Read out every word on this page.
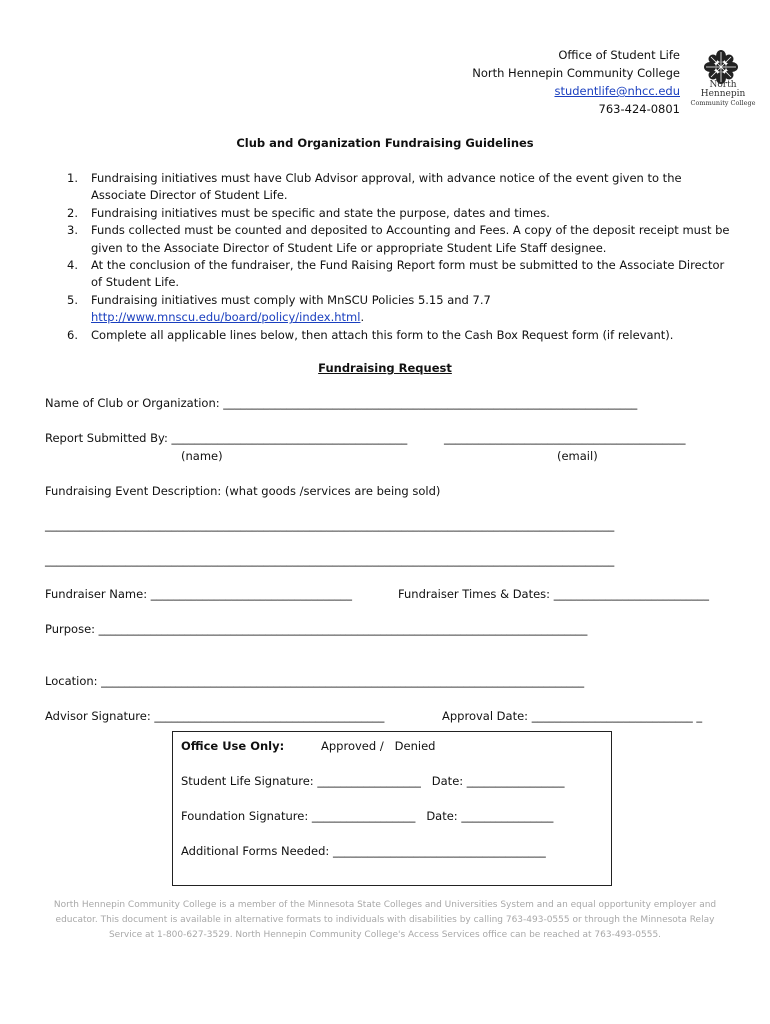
Office of Student Life
North Hennepin Community College
studentlife@nhcc.edu
763-424-0801
North Hennepin
Community College
Club and Organization Fundraising Guidelines
1. Fundraising initiatives must have Club Advisor approval, with advance notice of the event given to the Associate Director of Student Life.
2. Fundraising initiatives must be specific and state the purpose, dates and times.
3. Funds collected must be counted and deposited to Accounting and Fees. A copy of the deposit receipt must be given to the Associate Director of Student Life or appropriate Student Life Staff designee.
4. At the conclusion of the fundraiser, the Fund Raising Report form must be submitted to the Associate Director of Student Life.
5. Fundraising initiatives must comply with MnSCU Policies 5.15 and 7.7
http://www.mnscu.edu/board/policy/index.html.
6. Complete all applicable lines below, then attach this form to the Cash Box Request form (if relevant).
Fundraising Request
Name of Club or Organization: ________________________________________________________________________
Report Submitted By: _________________________________________	__________________________________________
(name)	(email)
Fundraising Event Description: (what goods /services are being sold)
___________________________________________________________________________________________________
___________________________________________________________________________________________________
Fundraiser Name: ___________________________________	Fundraiser Times & Dates: ___________________________
Purpose: _____________________________________________________________________________________
Location: ____________________________________________________________________________________
Advisor Signature: ________________________________________	Approval Date: ____________________________ _
Office Use Only:	Approved /   Denied
Student Life Signature: __________________   Date: _________________
Foundation Signature: __________________   Date: ________________
Additional Forms Needed: _____________________________________
North Hennepin Community College is a member of the Minnesota State Colleges and Universities System and an equal opportunity employer and educator. This document is available in alternative formats to individuals with disabilities by calling 763-493-0555 or through the Minnesota Relay Service at 1-800-627-3529. North Hennepin Community College's Access Services office can be reached at 763-493-0555.
